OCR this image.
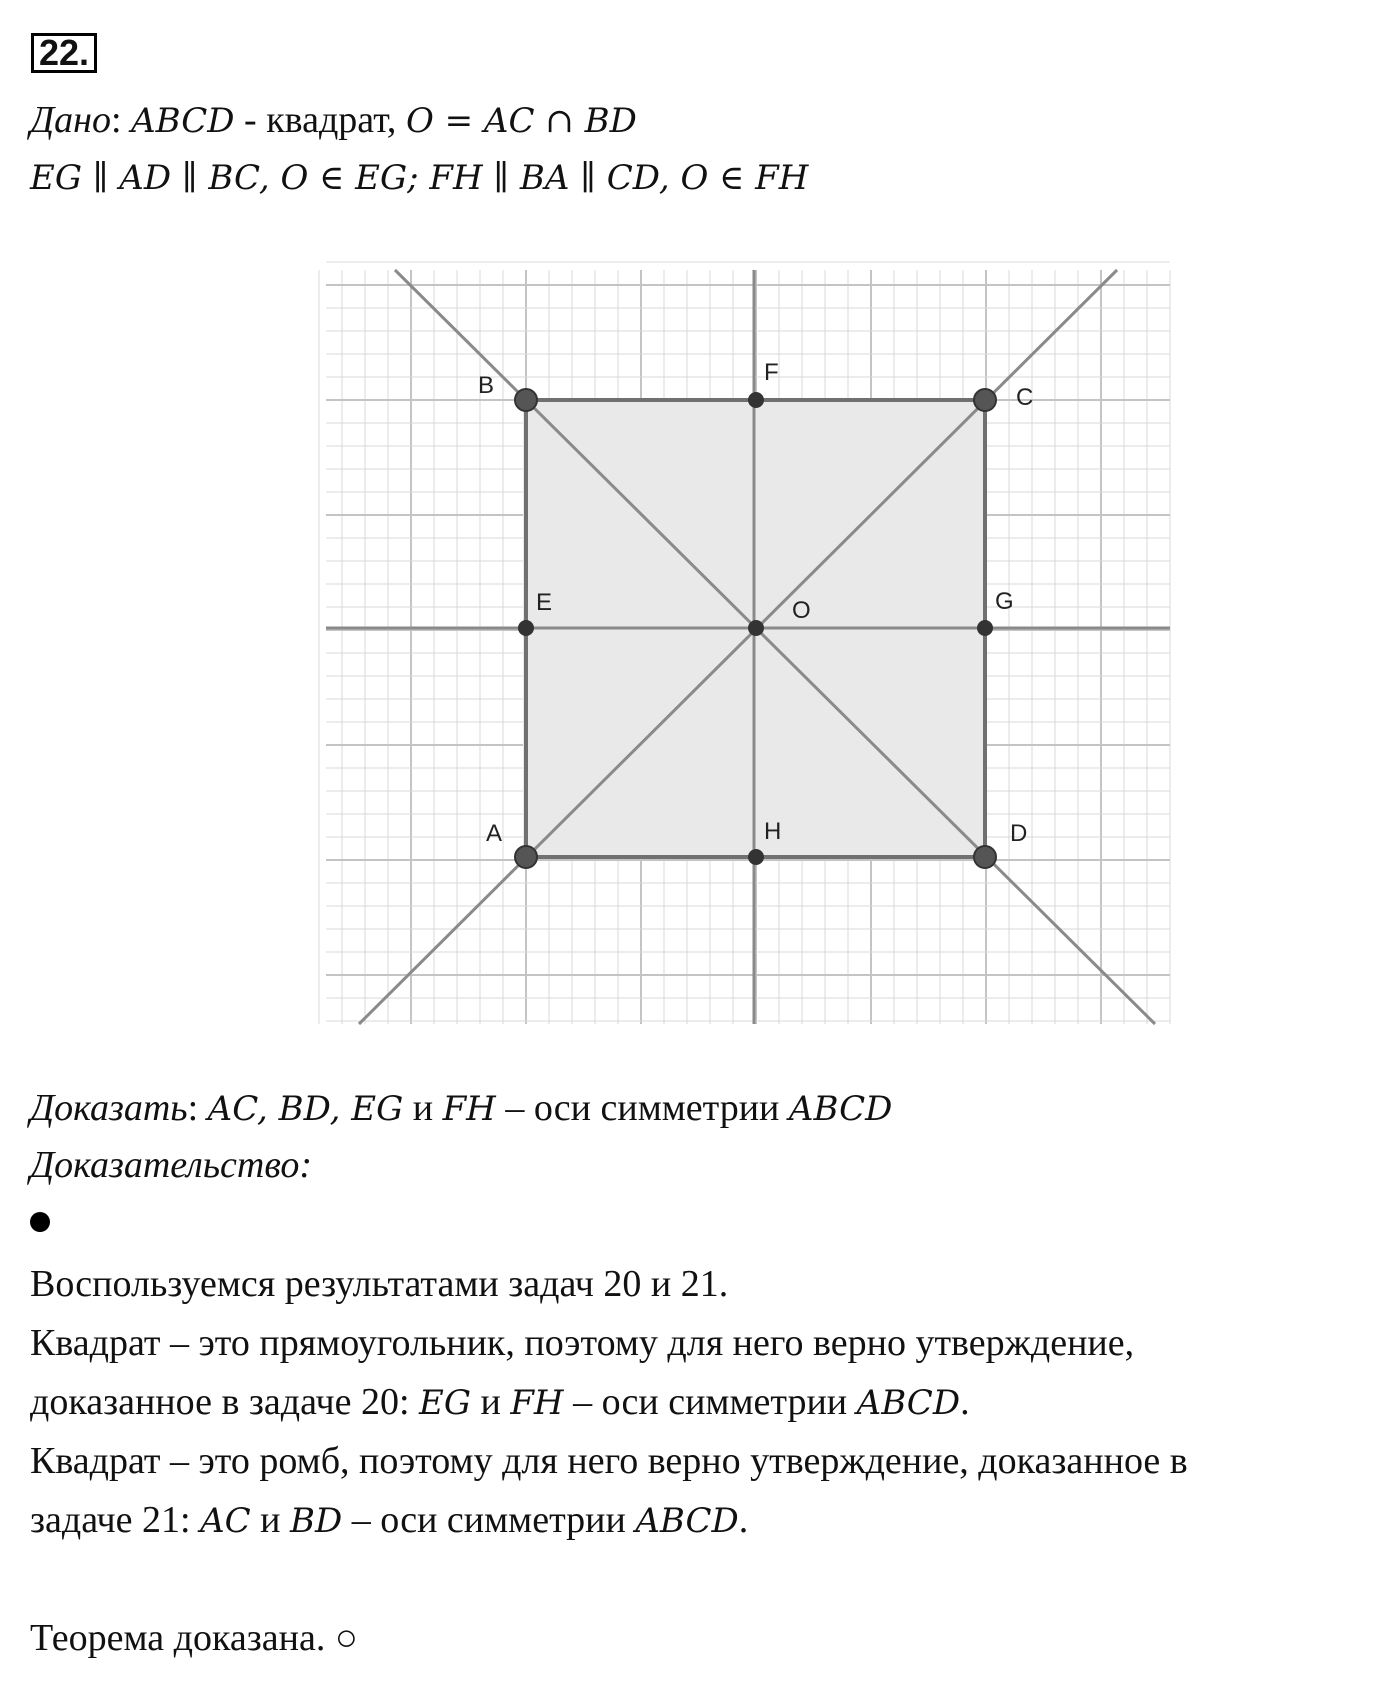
22.
Дано: ABCD - квадрат, O = AC ∩ BD
EG ∥ AD ∥ BC, O ∈ EG; FH ∥ BA ∥ CD, O ∈ FH
B	C
A	D
F
H
E	G
O
Доказать: AC, BD, EG и FH – оси симметрии ABCD
Доказательство:
Воспользуемся результатами задач 20 и 21.
Квадрат – это прямоугольник, поэтому для него верно утверждение,
доказанное в задаче 20: EG и FH – оси симметрии ABCD.
Квадрат – это ромб, поэтому для него верно утверждение, доказанное в
задаче 21: AC и BD – оси симметрии ABCD.
Теорема доказана. ○
